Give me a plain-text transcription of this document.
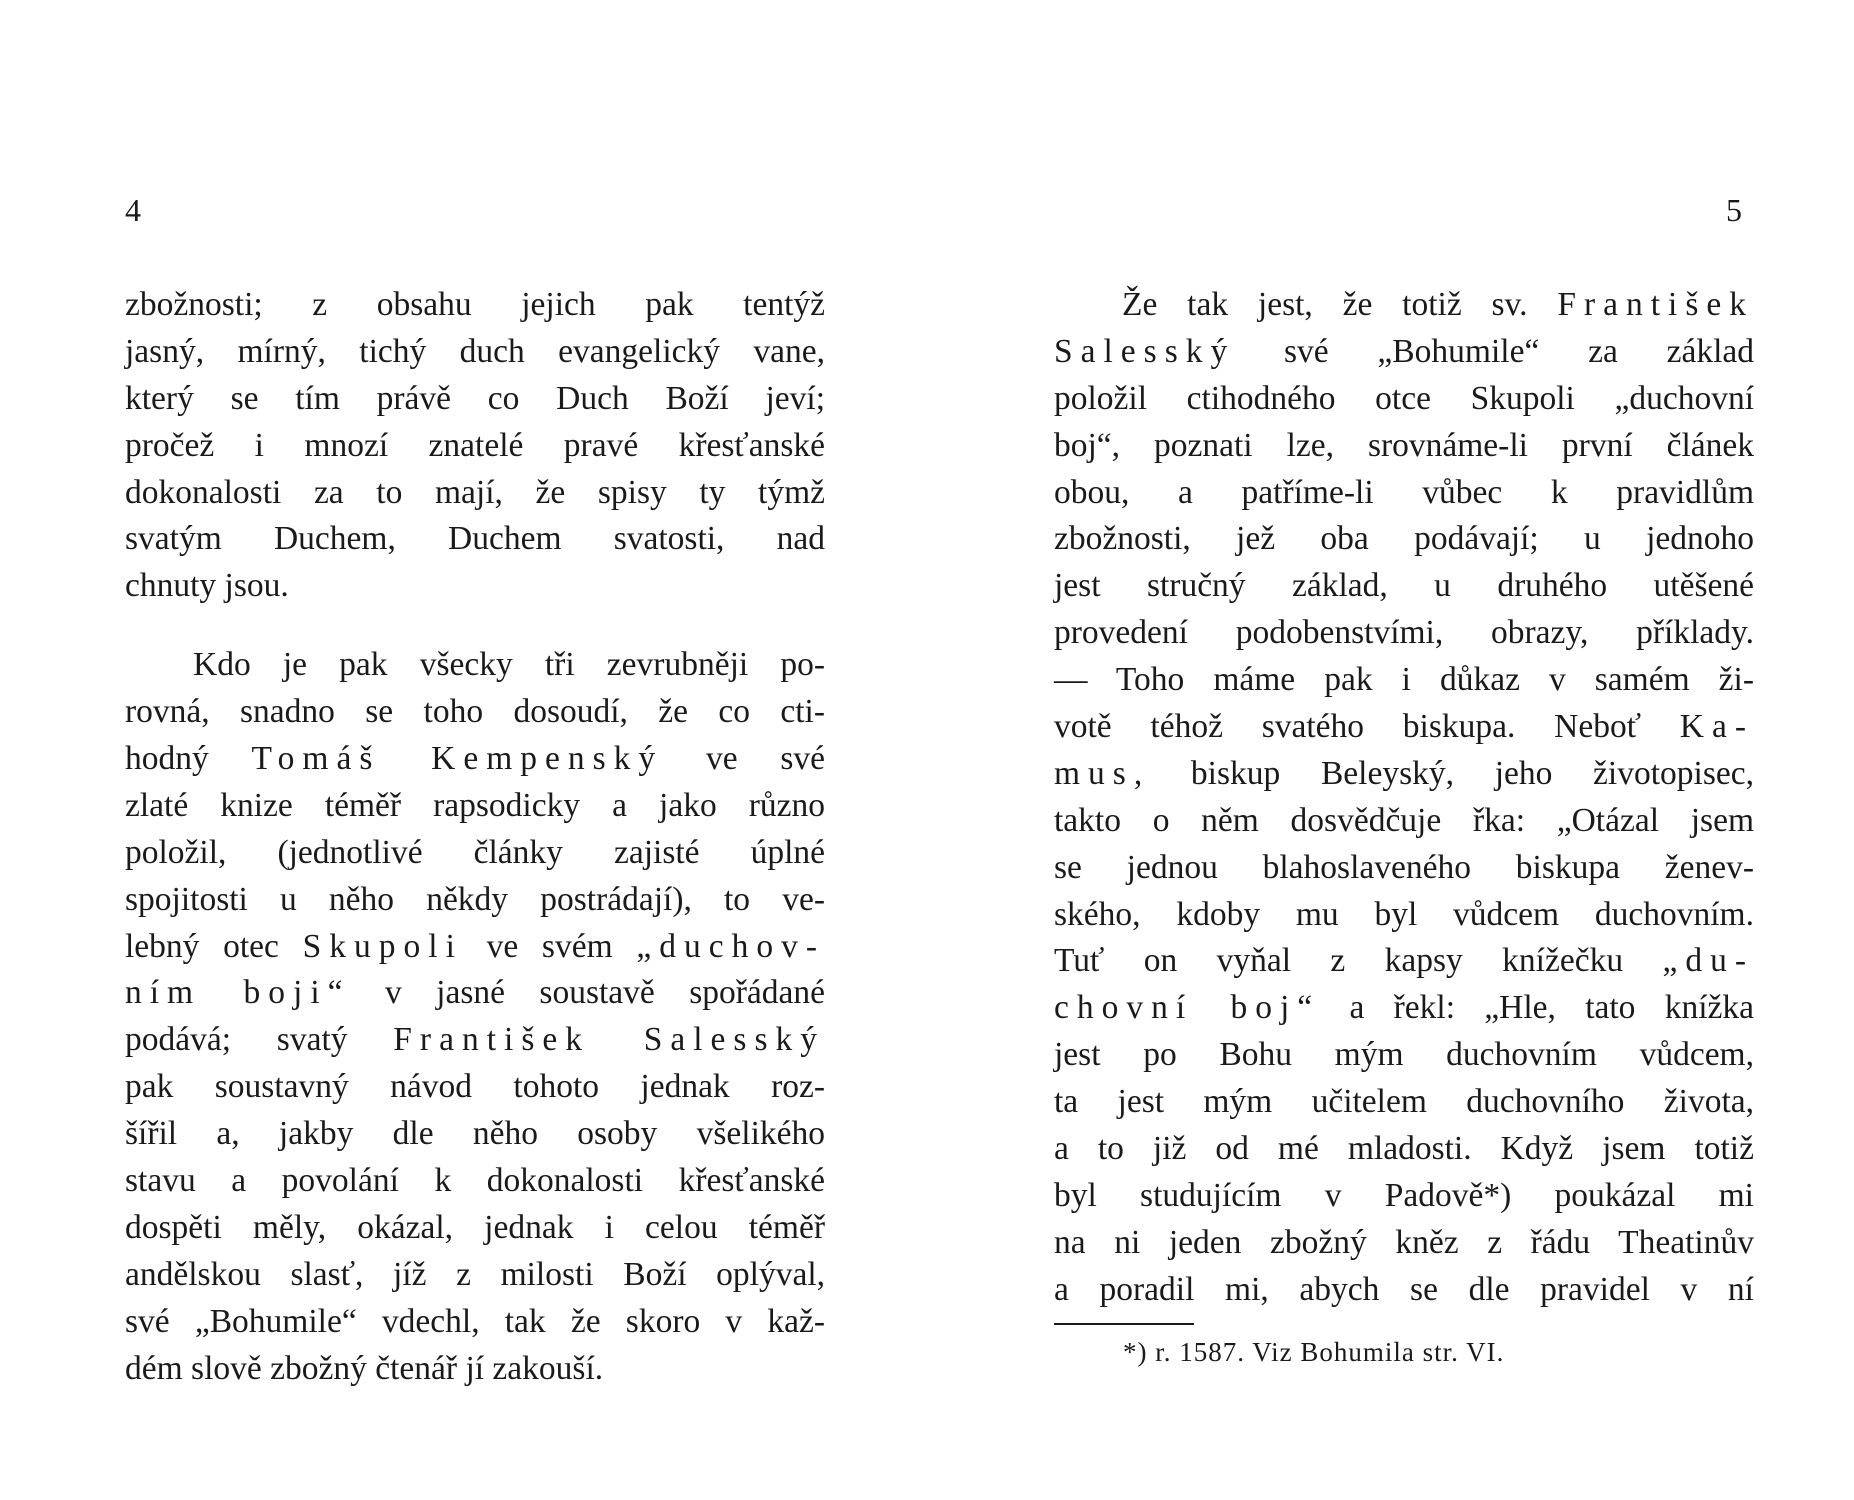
4
zbožnosti; z obsahu jejich pak tentýž
jasný, mírný, tichý duch evangelický vane,
který se tím právě co Duch Boží jeví;
pročež i mnozí znatelé pravé křesťanské
dokonalosti za to mají, že spisy ty týmž
svatým Duchem, Duchem svatosti, nad
chnuty jsou.
Kdo je pak všecky tři zevrubněji po-
rovná, snadno se toho dosoudí, že co cti-
hodný Tomáš Kempenský ve své
zlaté knize téměř rapsodicky a jako různo
položil, (jednotlivé články zajisté úplné
spojitosti u něho někdy postrádají), to ve-
lebný otec Skupoli ve svém „duchov-
ním boji“ v jasné soustavě spořádané
podává; svatý František Salesský
pak soustavný návod tohoto jednak roz-
šířil a, jakby dle něho osoby všelikého
stavu a povolání k dokonalosti křesťanské
dospěti měly, okázal, jednak i celou téměř
andělskou slasť, jíž z milosti Boží oplýval,
své „Bohumile“ vdechl, tak že skoro v kaž-
dém slově zbožný čtenář jí zakouší.
5
Že tak jest, že totiž sv. František
Salesský své „Bohumile“ za základ
položil ctihodného otce Skupoli „duchovní
boj“, poznati lze, srovnáme-li první článek
obou, a patříme-li vůbec k pravidlům
zbožnosti, jež oba podávají; u jednoho
jest stručný základ, u druhého utěšené
provedení podobenstvími, obrazy, příklady.
— Toho máme pak i důkaz v samém ži-
votě téhož svatého biskupa. Neboť Ka-
mus, biskup Beleyský, jeho životopisec,
takto o něm dosvědčuje řka: „Otázal jsem
se jednou blahoslaveného biskupa ženev-
ského, kdoby mu byl vůdcem duchovním.
Tuť on vyňal z kapsy knížečku „du-
chovní boj“ a řekl: „Hle, tato knížka
jest po Bohu mým duchovním vůdcem,
ta jest mým učitelem duchovního života,
a to již od mé mladosti. Když jsem totiž
byl studujícím v Padově*) poukázal mi
na ni jeden zbožný kněz z řádu Theatinův
a poradil mi, abych se dle pravidel v ní
*) r. 1587. Viz Bohumila str. VI.
